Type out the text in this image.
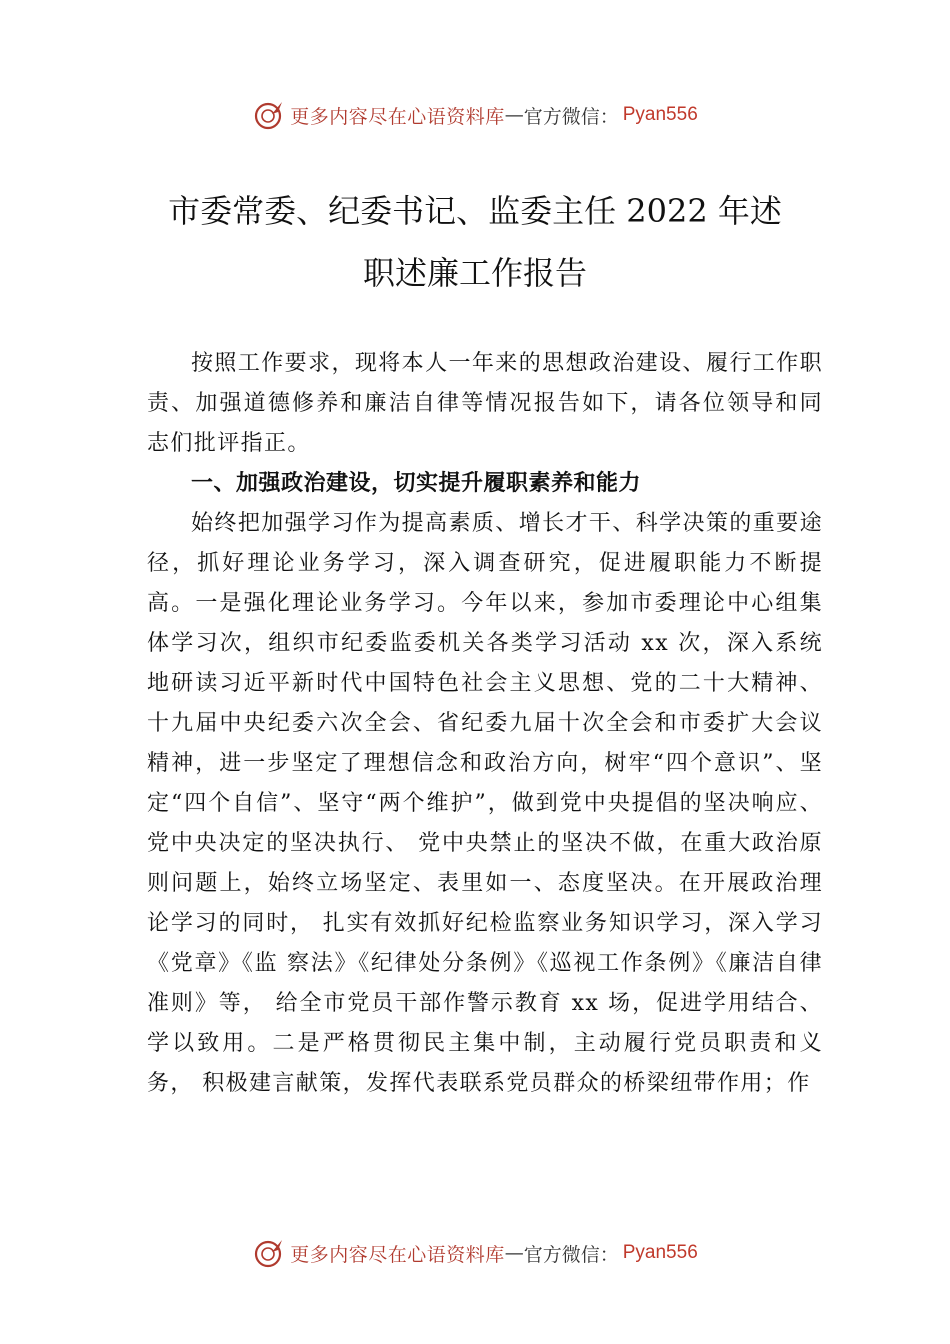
更多内容尽在心语资料库 — 官方微信： Pyan556
市委常委、纪委书记、监委主任 2022 年述
职述廉工作报告

按照工作要求，现将本人一年来的思想政治建设、履行工作职责、加强道德修养和廉洁自律等情况报告如下，请各位领导和同志们批评指正。

一、加强政治建设，切实提升履职素养和能力

始终把加强学习作为提高素质、增长才干、科学决策的重要途径，抓好理论业务学习，深入调查研究，促进履职能力不断提高。一是强化理论业务学习。今年以来，参加市委理论中心组集体学习次，组织市纪委监委机关各类学习活动 xx 次，深入系统地研读习近平新时代中国特色社会主义思想、党的二十大精神、十九届中央纪委六次全会、省纪委九届十次全会和市委扩大会议精神，进一步坚定了理想信念和政治方向，树牢“四个意识”、坚定“四个自信”、坚守“两个维护”，做到党中央提倡的坚决响应、党中央决定的坚决执行、 党中央禁止的坚决不做，在重大政治原则问题上，始终立场坚定、表里如一、态度坚决。在开展政治理论学习的同时， 扎实有效抓好纪检监察业务知识学习，深入学习《党章》《监 察法》《纪律处分条例》《巡视工作条例》《廉洁自律准则》等， 给全市党员干部作警示教育 xx 场，促进学用结合、学以致用。二是严格贯彻民主集中制，主动履行党员职责和义务， 积极建言献策，发挥代表联系党员群众的桥梁纽带作用；作

更多内容尽在心语资料库 — 官方微信： Pyan556
